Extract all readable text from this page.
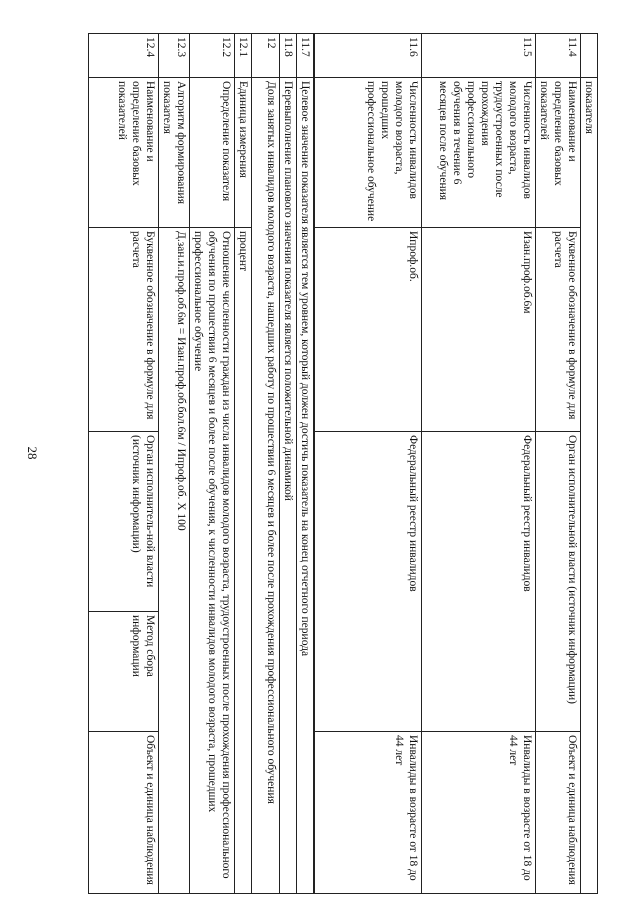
28
	показателя				
11.4	Наименование и определение базовых показателей	Буквенное обозначение в формуле для расчета	Орган исполнительной власти (источник информации)		Объект и единица наблюдения
11.5	Численность инвалидов молодого возраста, трудоустроенных после прохождения профессионального обучения в течение 6 месяцев после обучения	Изан.проф.об.6м	Федеральный реестр инвалидов		Инвалиды в возрасте от 18 до 44 лет
11.6	Численность инвалидов молодого возраста, прошедших профессиональное обучение	Ипроф.об.	Федеральный реестр инвалидов		Инвалиды в возрасте от 18 до 44 лет
11.7	Целевое значение показателя является тем уровнем, который должен достичь показатель на конец отчетного периода				
11.8	Перевыполнение планового значения показателя является положительной динамикой				
12	Доля занятых инвалидов молодого возраста, нашедших работу по прошествии 6 месяцев и более после прохождения профессионального обучения				
12.1	Единица измерения	процент			
12.2	Определение показателя	Отношение численности граждан из числа инвалидов молодого возраста, трудоустроенных после прохождения профессионального обучения по прошествии 6 месяцев и более после обучения, к численности инвалидов молодого возраста, прошедших профессиональное обучение			
12.3	Алгоритм формирования показателя	Д.зан.и.проф.об.6м = Изан.проф.об.бол.6м / Ипроф.об. Х 100			
12.4	Наименование и определение базовых показателей	Буквенное обозначение в формуле для расчета	Орган исполнитель-ной власти (источник информации)	Метод сбора информации	Объект и единица наблюдения
